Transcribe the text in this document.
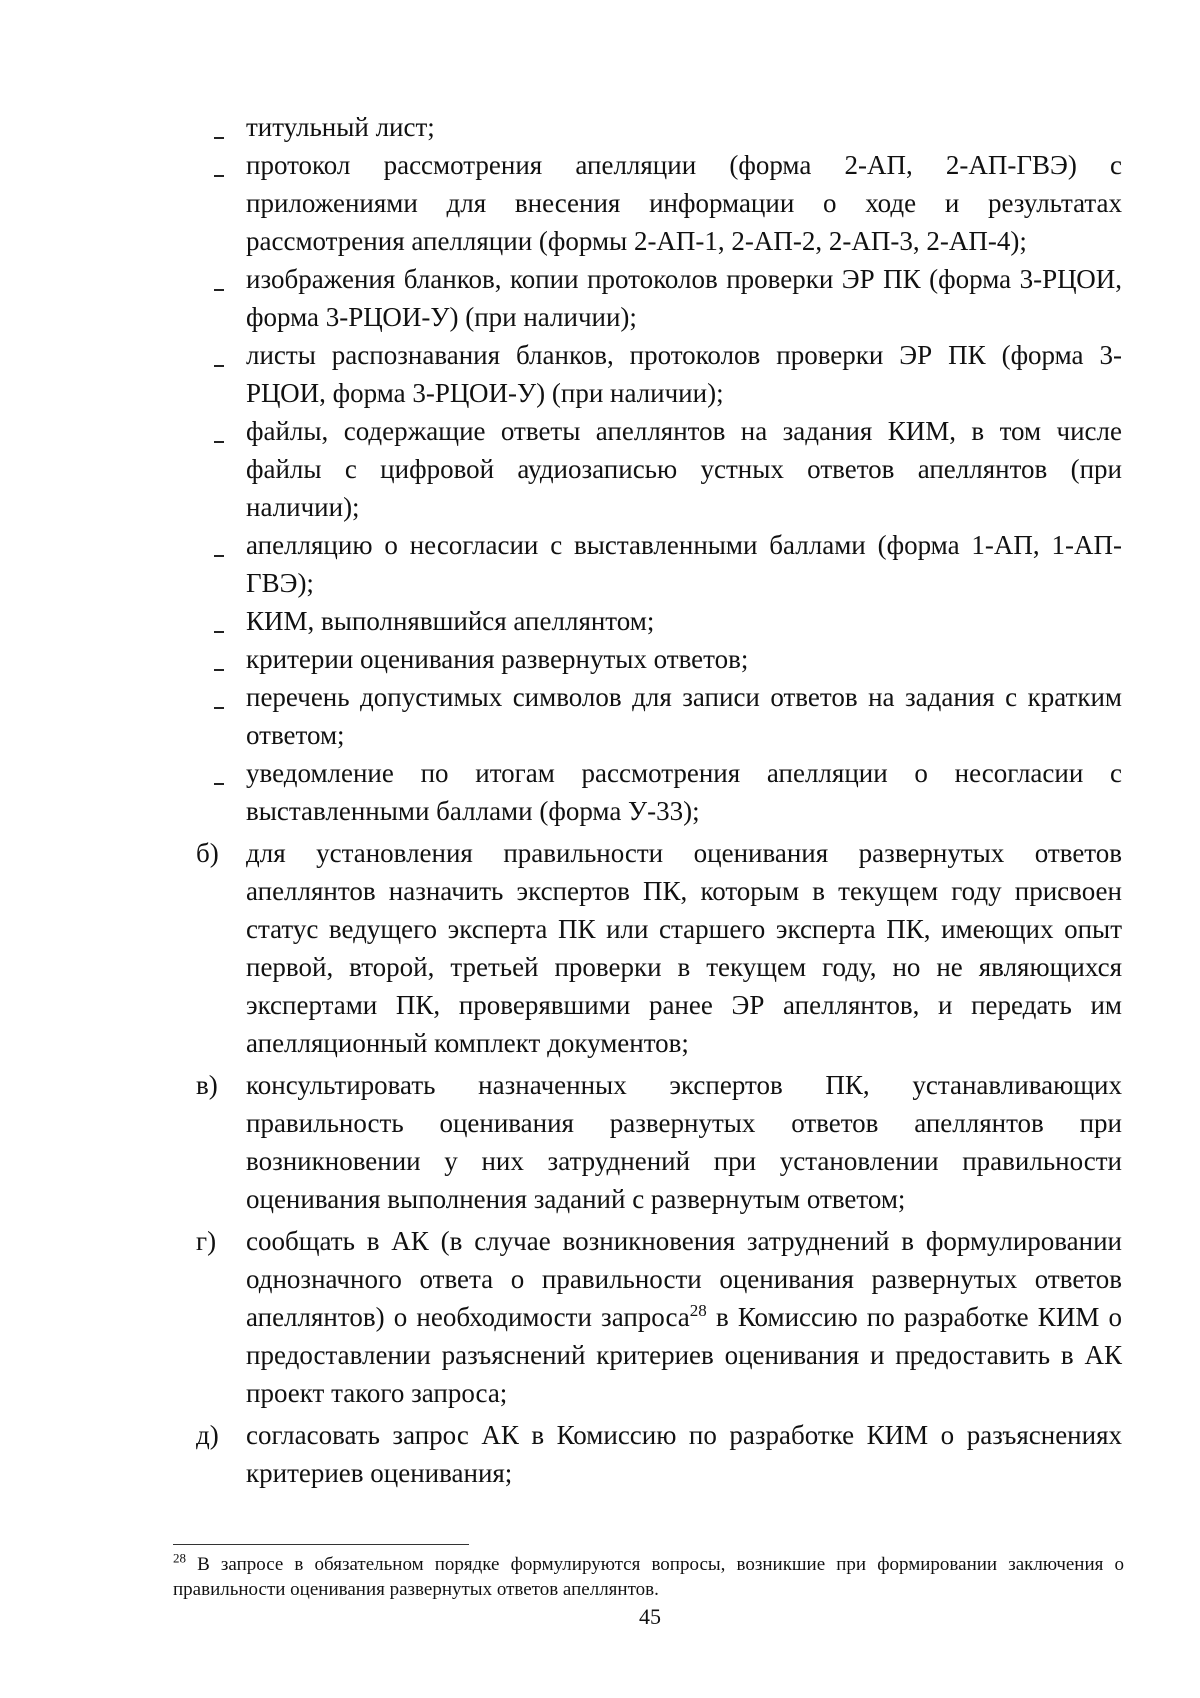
титульный лист;
протокол рассмотрения апелляции (форма 2-АП, 2-АП-ГВЭ) с приложениями для внесения информации о ходе и результатах рассмотрения апелляции (формы 2-АП-1, 2-АП-2, 2-АП-3, 2-АП-4);
изображения бланков, копии протоколов проверки ЭР ПК (форма 3-РЦОИ, форма 3-РЦОИ-У) (при наличии);
листы распознавания бланков, протоколов проверки ЭР ПК (форма 3-РЦОИ, форма 3-РЦОИ-У) (при наличии);
файлы, содержащие ответы апеллянтов на задания КИМ, в том числе файлы с цифровой аудиозаписью устных ответов апеллянтов (при наличии);
апелляцию о несогласии с выставленными баллами (форма 1-АП, 1-АП-ГВЭ);
КИМ, выполнявшийся апеллянтом;
критерии оценивания развернутых ответов;
перечень допустимых символов для записи ответов на задания с кратким ответом;
уведомление по итогам рассмотрения апелляции о несогласии с выставленными баллами (форма У-33);
б)	для установления правильности оценивания развернутых ответов апеллянтов назначить экспертов ПК, которым в текущем году присвоен статус ведущего эксперта ПК или старшего эксперта ПК, имеющих опыт первой, второй, третьей проверки в текущем году, но не являющихся экспертами ПК, проверявшими ранее ЭР апеллянтов, и передать им апелляционный комплект документов;
в)	консультировать назначенных экспертов ПК, устанавливающих правильность оценивания развернутых ответов апеллянтов при возникновении у них затруднений при установлении правильности оценивания выполнения заданий с развернутым ответом;
г)	сообщать в АК (в случае возникновения затруднений в формулировании однозначного ответа о правильности оценивания развернутых ответов апеллянтов) о необходимости запроса$^{28}$ в Комиссию по разработке КИМ о предоставлении разъяснений критериев оценивания и предоставить в АК проект такого запроса;
д)	согласовать запрос АК в Комиссию по разработке КИМ о разъяснениях критериев оценивания;
$^{28}$ В запросе в обязательном порядке формулируются вопросы, возникшие при формировании заключения о правильности оценивания развернутых ответов апеллянтов.
45
